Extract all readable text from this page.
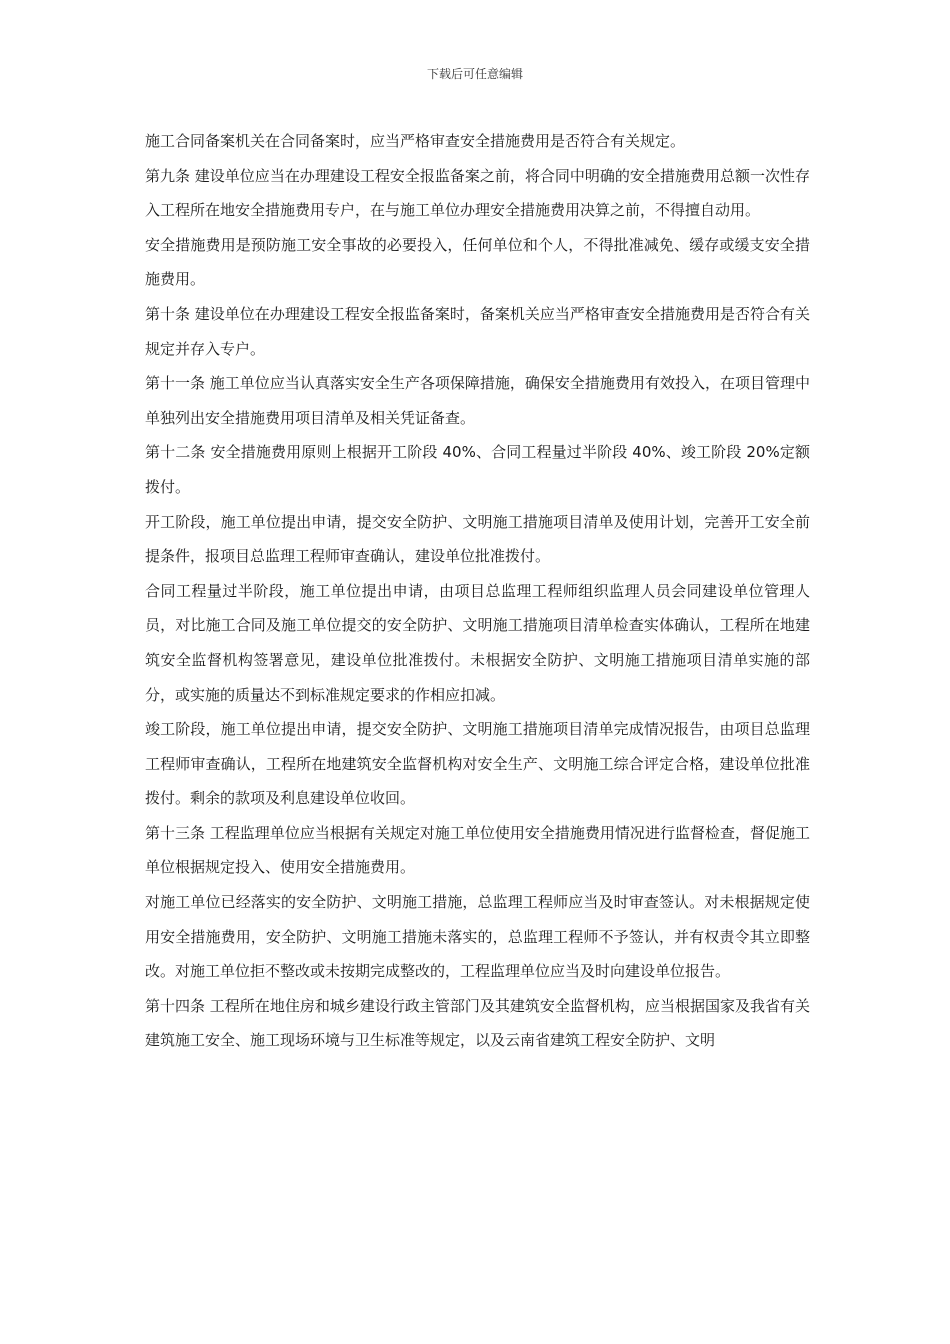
下载后可任意编辑

施工合同备案机关在合同备案时，应当严格审查安全措施费用是否符合有关规定。

第九条 建设单位应当在办理建设工程安全报监备案之前，将合同中明确的安全措施费用总额一次性存入工程所在地安全措施费用专户，在与施工单位办理安全措施费用决算之前，不得擅自动用。

安全措施费用是预防施工安全事故的必要投入，任何单位和个人，不得批准减免、缓存或缓支安全措施费用。

第十条 建设单位在办理建设工程安全报监备案时，备案机关应当严格审查安全措施费用是否符合有关规定并存入专户。

第十一条 施工单位应当认真落实安全生产各项保障措施，确保安全措施费用有效投入，在项目管理中单独列出安全措施费用项目清单及相关凭证备查。

第十二条 安全措施费用原则上根据开工阶段 40%、合同工程量过半阶段 40%、竣工阶段 20%定额拨付。

开工阶段，施工单位提出申请，提交安全防护、文明施工措施项目清单及使用计划，完善开工安全前提条件，报项目总监理工程师审查确认，建设单位批准拨付。

合同工程量过半阶段，施工单位提出申请，由项目总监理工程师组织监理人员会同建设单位管理人员，对比施工合同及施工单位提交的安全防护、文明施工措施项目清单检查实体确认，工程所在地建筑安全监督机构签署意见，建设单位批准拨付。未根据安全防护、文明施工措施项目清单实施的部分，或实施的质量达不到标准规定要求的作相应扣减。

竣工阶段，施工单位提出申请，提交安全防护、文明施工措施项目清单完成情况报告，由项目总监理工程师审查确认，工程所在地建筑安全监督机构对安全生产、文明施工综合评定合格，建设单位批准拨付。剩余的款项及利息建设单位收回。

第十三条 工程监理单位应当根据有关规定对施工单位使用安全措施费用情况进行监督检查，督促施工单位根据规定投入、使用安全措施费用。

对施工单位已经落实的安全防护、文明施工措施，总监理工程师应当及时审查签认。对未根据规定使用安全措施费用，安全防护、文明施工措施未落实的，总监理工程师不予签认，并有权责令其立即整改。对施工单位拒不整改或未按期完成整改的，工程监理单位应当及时向建设单位报告。

第十四条 工程所在地住房和城乡建设行政主管部门及其建筑安全监督机构，应当根据国家及我省有关建筑施工安全、施工现场环境与卫生标准等规定，以及云南省建筑工程安全防护、文明
